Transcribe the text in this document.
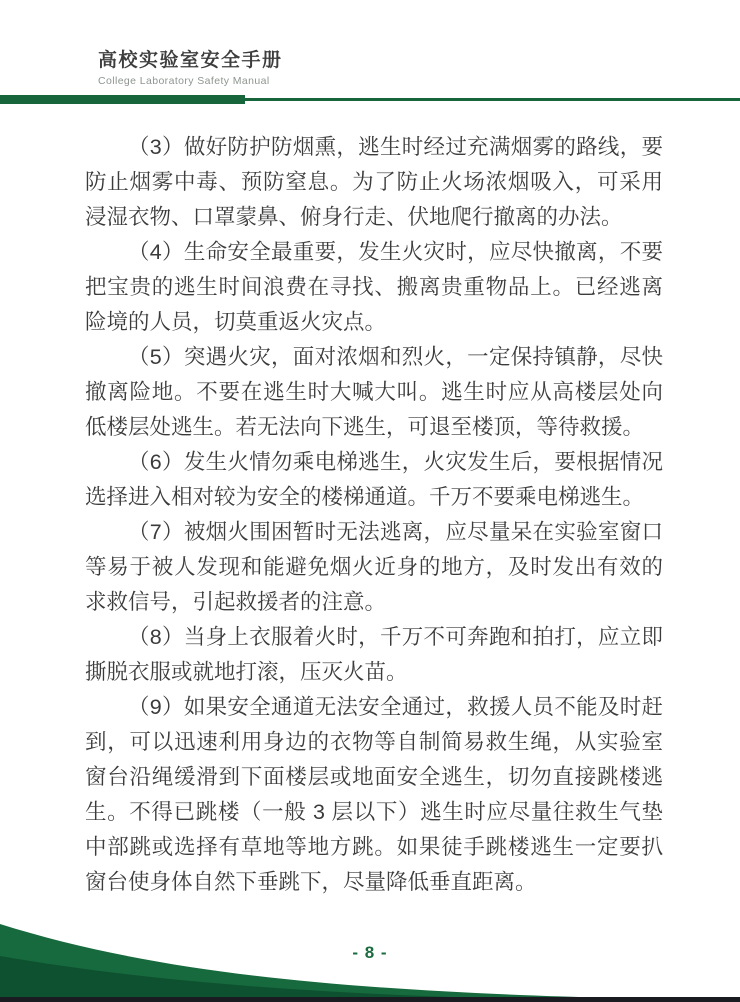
高校实验室安全手册
College Laboratory Safety Manual

（3）做好防护防烟熏，逃生时经过充满烟雾的路线，要防止烟雾中毒、预防窒息。为了防止火场浓烟吸入，可采用浸湿衣物、口罩蒙鼻、俯身行走、伏地爬行撤离的办法。

（4）生命安全最重要，发生火灾时，应尽快撤离，不要把宝贵的逃生时间浪费在寻找、搬离贵重物品上。已经逃离险境的人员，切莫重返火灾点。

（5）突遇火灾，面对浓烟和烈火，一定保持镇静，尽快撤离险地。不要在逃生时大喊大叫。逃生时应从高楼层处向低楼层处逃生。若无法向下逃生，可退至楼顶，等待救援。

（6）发生火情勿乘电梯逃生，火灾发生后，要根据情况选择进入相对较为安全的楼梯通道。千万不要乘电梯逃生。

（7）被烟火围困暂时无法逃离，应尽量呆在实验室窗口等易于被人发现和能避免烟火近身的地方，及时发出有效的求救信号，引起救援者的注意。

（8）当身上衣服着火时，千万不可奔跑和拍打，应立即撕脱衣服或就地打滚，压灭火苗。

（9）如果安全通道无法安全通过，救援人员不能及时赶到，可以迅速利用身边的衣物等自制简易救生绳，从实验室窗台沿绳缓滑到下面楼层或地面安全逃生，切勿直接跳楼逃生。不得已跳楼（一般 3 层以下）逃生时应尽量往救生气垫中部跳或选择有草地等地方跳。如果徒手跳楼逃生一定要扒窗台使身体自然下垂跳下，尽量降低垂直距离。

- 8 -
